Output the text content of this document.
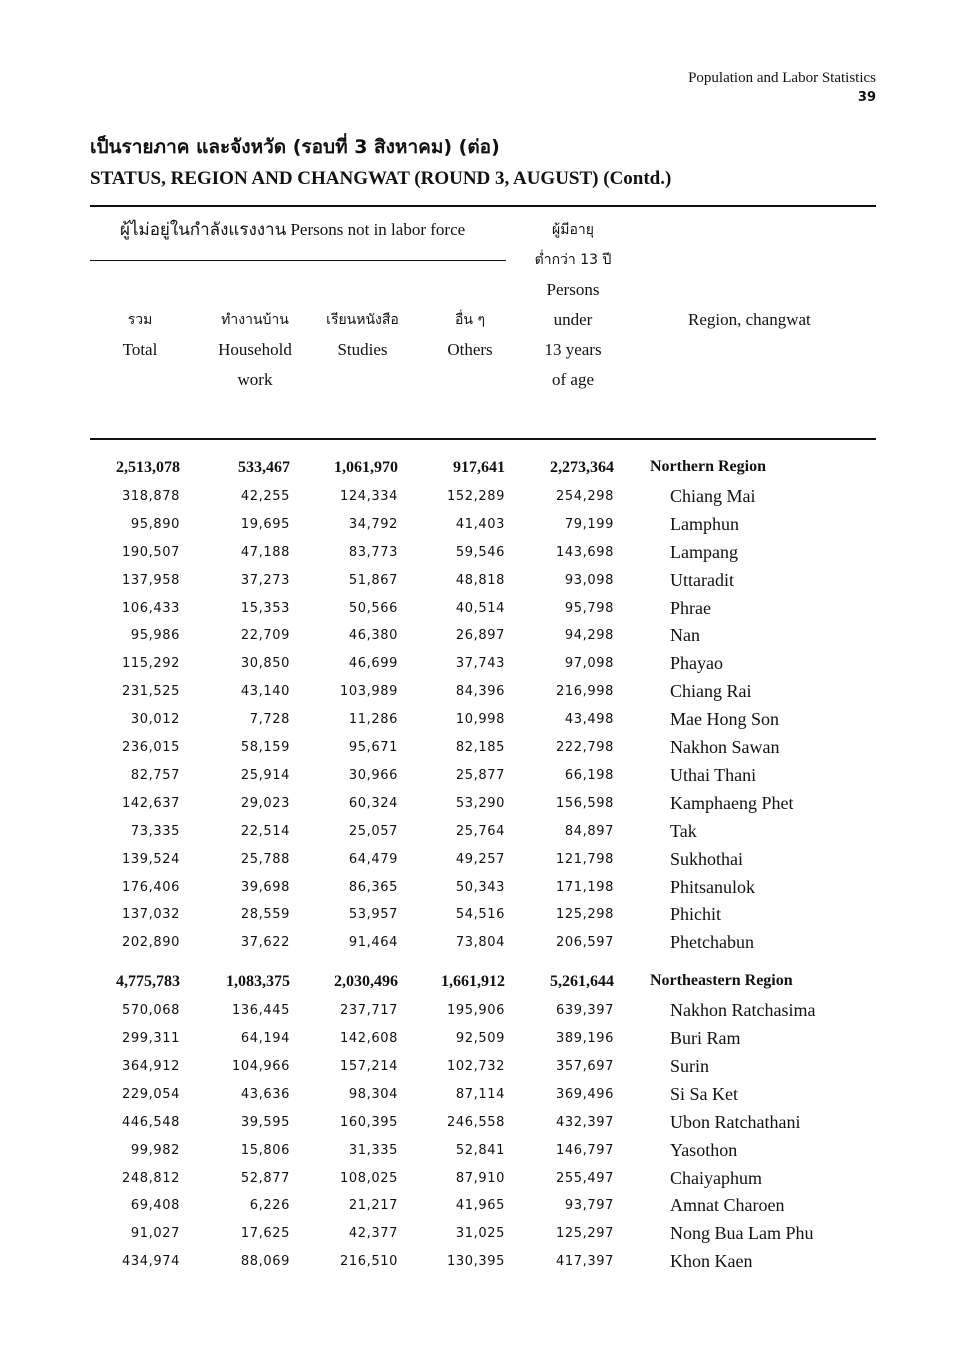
Population and Labor Statistics
39
เป็นรายภาค และจังหวัด (รอบที่ 3 สิงหาคม) (ต่อ)
STATUS, REGION AND CHANGWAT (ROUND 3, AUGUST) (Contd.)
ผู้ไม่อยู่ในกำลังแรงงาน Persons not in labor force	ผู้มีอายุ
ต่ำกว่า 13 ปี
Persons
under
13 years
of age
รวม
Total
ทำงานบ้าน
Household
work
เรียนหนังสือ
Studies
อื่น ๆ
Others
Region, changwat
2,513,078	533,467	1,061,970	917,641	2,273,364 Northern Region
318,878	42,255	124,334	152,289	254,298	Chiang Mai
95,890	19,695	34,792	41,403	79,199	Lamphun
190,507	47,188	83,773	59,546	143,698	Lampang
137,958	37,273	51,867	48,818	93,098	Uttaradit
106,433	15,353	50,566	40,514	95,798	Phrae
95,986	22,709	46,380	26,897	94,298	Nan
115,292	30,850	46,699	37,743	97,098	Phayao
231,525	43,140	103,989	84,396	216,998	Chiang Rai
30,012	7,728	11,286	10,998	43,498	Mae Hong Son
236,015	58,159	95,671	82,185	222,798	Nakhon Sawan
82,757	25,914	30,966	25,877	66,198	Uthai Thani
142,637	29,023	60,324	53,290	156,598	Kamphaeng Phet
73,335	22,514	25,057	25,764	84,897	Tak
139,524	25,788	64,479	49,257	121,798	Sukhothai
176,406	39,698	86,365	50,343	171,198	Phitsanulok
137,032	28,559	53,957	54,516	125,298	Phichit
202,890	37,622	91,464	73,804	206,597	Phetchabun
4,775,783	1,083,375	2,030,496	1,661,912	5,261,644 Northeastern Region
570,068	136,445	237,717	195,906	639,397	Nakhon Ratchasima
299,311	64,194	142,608	92,509	389,196	Buri Ram
364,912	104,966	157,214	102,732	357,697	Surin
229,054	43,636	98,304	87,114	369,496	Si Sa Ket
446,548	39,595	160,395	246,558	432,397	Ubon Ratchathani
99,982	15,806	31,335	52,841	146,797	Yasothon
248,812	52,877	108,025	87,910	255,497	Chaiyaphum
69,408	6,226	21,217	41,965	93,797	Amnat Charoen
91,027	17,625	42,377	31,025	125,297	Nong Bua Lam Phu
434,974	88,069	216,510	130,395	417,397	Khon Kaen
